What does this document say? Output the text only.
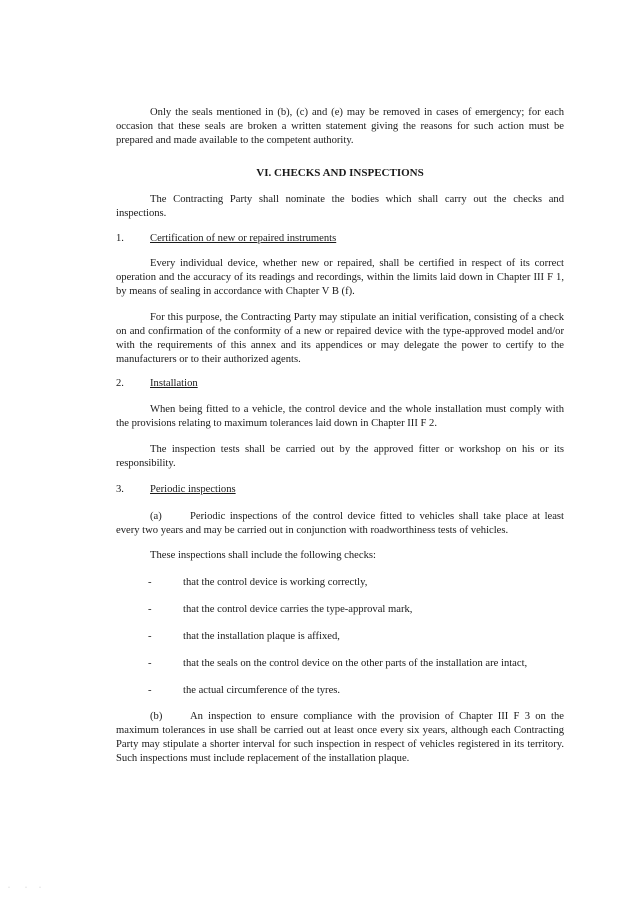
Only the seals mentioned in (b), (c) and (e) may be removed in cases of emergency; for each occasion that these seals are broken a written statement giving the reasons for such action must be prepared and made available to the competent authority.

VI. CHECKS AND INSPECTIONS

The Contracting Party shall nominate the bodies which shall carry out the checks and inspections.

1. Certification of new or repaired instruments

Every individual device, whether new or repaired, shall be certified in respect of its correct operation and the accuracy of its readings and recordings, within the limits laid down in Chapter III F 1, by means of sealing in accordance with Chapter V B (f).

For this purpose, the Contracting Party may stipulate an initial verification, consisting of a check on and confirmation of the conformity of a new or repaired device with the type-approved model and/or with the requirements of this annex and its appendices or may delegate the power to certify to the manufacturers or to their authorized agents.

2. Installation

When being fitted to a vehicle, the control device and the whole installation must comply with the provisions relating to maximum tolerances laid down in Chapter III F 2.

The inspection tests shall be carried out by the approved fitter or workshop on his or its responsibility.

3. Periodic inspections

(a)	Periodic inspections of the control device fitted to vehicles shall take place at least every two years and may be carried out in conjunction with roadworthiness tests of vehicles.

These inspections shall include the following checks:

-	that the control device is working correctly,
-	that the control device carries the type-approval mark,
-	that the installation plaque is affixed,
-	that the seals on the control device on the other parts of the installation are intact,
-	the actual circumference of the tyres.

(b)	An inspection to ensure compliance with the provision of Chapter III F 3 on the maximum tolerances in use shall be carried out at least once every six years, although each Contracting Party may stipulate a shorter interval for such inspection in respect of vehicles registered in its territory. Such inspections must include replacement of the installation plaque.

·          ·        ·
